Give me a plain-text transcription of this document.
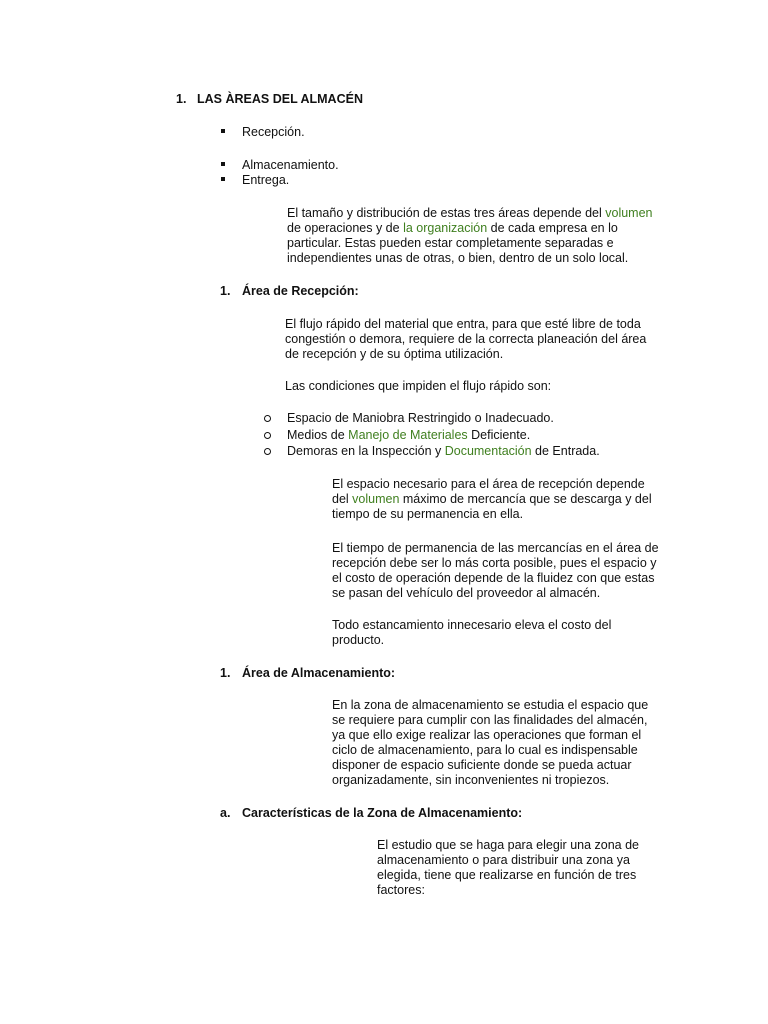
1. LAS ÀREAS DEL ALMACÉN
Recepción.
Almacenamiento.
Entrega.
El tamaño y distribución de estas tres áreas depende del volumen de operaciones y de la organización de cada empresa en lo particular. Estas pueden estar completamente separadas e independientes unas de otras, o bien, dentro de un solo local.
1. Área de Recepción:
El flujo rápido del material que entra, para que esté libre de toda congestión o demora, requiere de la correcta planeación del área de recepción y de su óptima utilización.
Las condiciones que impiden el flujo rápido son:
Espacio de Maniobra Restringido o Inadecuado.
Medios de Manejo de Materiales Deficiente.
Demoras en la Inspección y Documentación de Entrada.
El espacio necesario para el área de recepción depende del volumen máximo de mercancía que se descarga y del tiempo de su permanencia en ella.
El tiempo de permanencia de las mercancías en el área de recepción debe ser lo más corta posible, pues el espacio y el costo de operación depende de la fluidez con que estas se pasan del vehículo del proveedor al almacén.
Todo estancamiento innecesario eleva el costo del producto.
1. Área de Almacenamiento:
En la zona de almacenamiento se estudia el espacio que se requiere para cumplir con las finalidades del almacén, ya que ello exige realizar las operaciones que forman el ciclo de almacenamiento, para lo cual es indispensable disponer de espacio suficiente donde se pueda actuar organizadamente, sin inconvenientes ni tropiezos.
a. Características de la Zona de Almacenamiento:
El estudio que se haga para elegir una zona de almacenamiento o para distribuir una zona ya elegida, tiene que realizarse en función de tres factores:
